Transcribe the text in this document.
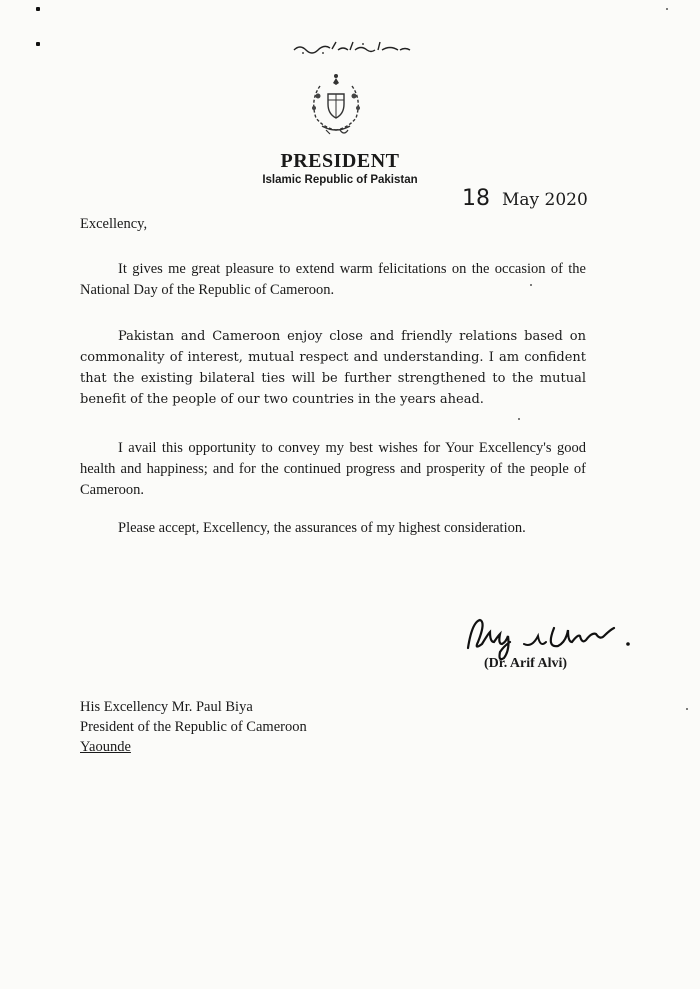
PRESIDENT
Islamic Republic of Pakistan
18 May 2020
Excellency,
It gives me great pleasure to extend warm felicitations on the occasion of the National Day of the Republic of Cameroon.
Pakistan and Cameroon enjoy close and friendly relations based on commonality of interest, mutual respect and understanding. I am confident that the existing bilateral ties will be further strengthened to the mutual benefit of the people of our two countries in the years ahead.
I avail this opportunity to convey my best wishes for Your Excellency's good health and happiness; and for the continued progress and prosperity of the people of Cameroon.
Please accept, Excellency, the assurances of my highest consideration.
(Dr. Arif Alvi)
His Excellency Mr. Paul Biya
President of the Republic of Cameroon
Yaounde
